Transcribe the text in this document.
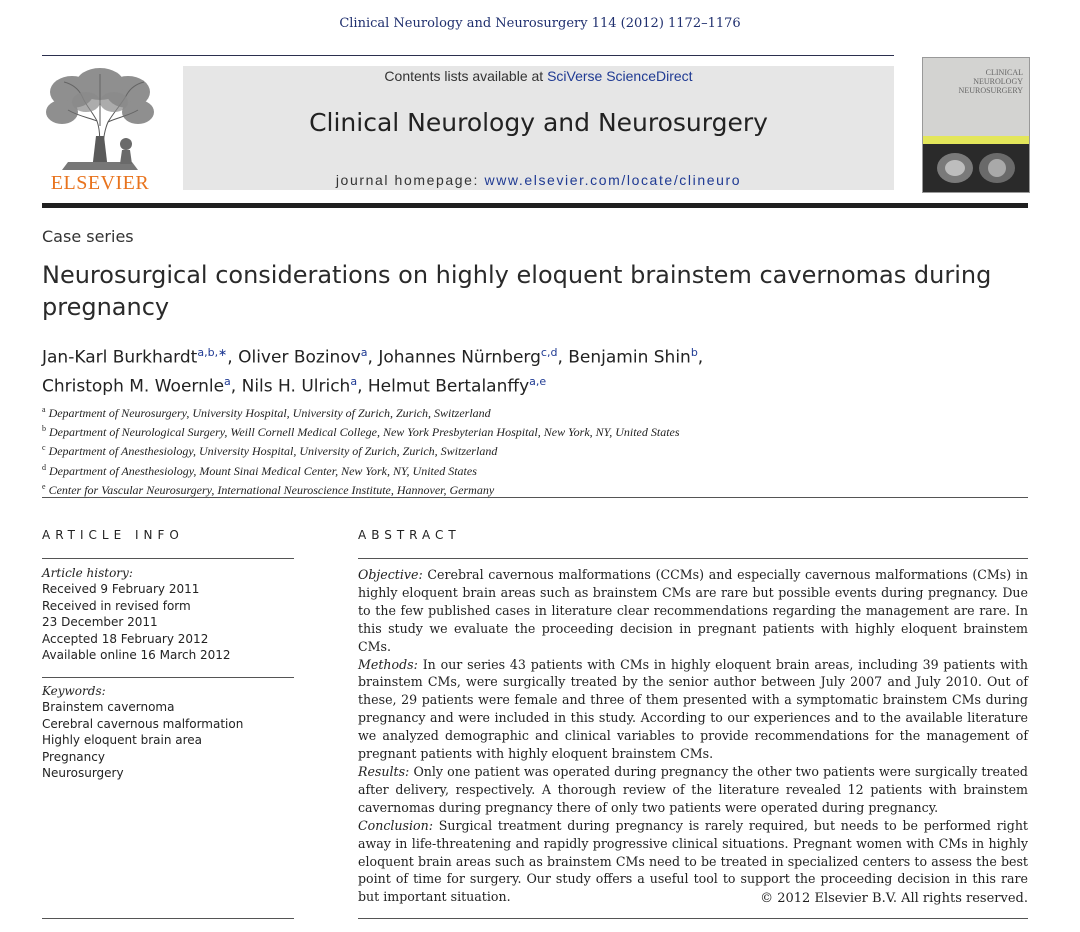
Clinical Neurology and Neurosurgery 114 (2012) 1172–1176
ELSEVIER
Contents lists available at SciVerse ScienceDirect
Clinical Neurology and Neurosurgery
journal homepage: www.elsevier.com/locate/clineuro
CLINICAL
NEUROLOGY
NEUROSURGERY
Case series
Neurosurgical considerations on highly eloquent brainstem cavernomas during pregnancy
Jan-Karl Burkhardt$^{a,b,∗}$, Oliver Bozinov$^a$, Johannes Nürnberg$^{c,d}$, Benjamin Shin$^b$,
Christoph M. Woernle$^a$, Nils H. Ulrich$^a$, Helmut Bertalanffy$^{a,e}$
$^a$ Department of Neurosurgery, University Hospital, University of Zurich, Zurich, Switzerland
$^b$ Department of Neurological Surgery, Weill Cornell Medical College, New York Presbyterian Hospital, New York, NY, United States
$^c$ Department of Anesthesiology, University Hospital, University of Zurich, Zurich, Switzerland
$^d$ Department of Anesthesiology, Mount Sinai Medical Center, New York, NY, United States
$^e$ Center for Vascular Neurosurgery, International Neuroscience Institute, Hannover, Germany
ARTICLE INFO
Article history:
Received 9 February 2011
Received in revised form
23 December 2011
Accepted 18 February 2012
Available online 16 March 2012
Keywords:
Brainstem cavernoma
Cerebral cavernous malformation
Highly eloquent brain area
Pregnancy
Neurosurgery
ABSTRACT
Objective: Cerebral cavernous malformations (CCMs) and especially cavernous malformations (CMs) in highly eloquent brain areas such as brainstem CMs are rare but possible events during pregnancy. Due to the few published cases in literature clear recommendations regarding the management are rare. In this study we evaluate the proceeding decision in pregnant patients with highly eloquent brainstem CMs.
Methods: In our series 43 patients with CMs in highly eloquent brain areas, including 39 patients with brainstem CMs, were surgically treated by the senior author between July 2007 and July 2010. Out of these, 29 patients were female and three of them presented with a symptomatic brainstem CMs during pregnancy and were included in this study. According to our experiences and to the available literature we analyzed demographic and clinical variables to provide recommendations for the management of pregnant patients with highly eloquent brainstem CMs.
Results: Only one patient was operated during pregnancy the other two patients were surgically treated after delivery, respectively. A thorough review of the literature revealed 12 patients with brainstem cavernomas during pregnancy there of only two patients were operated during pregnancy.
Conclusion: Surgical treatment during pregnancy is rarely required, but needs to be performed right away in life-threatening and rapidly progressive clinical situations. Pregnant women with CMs in highly eloquent brain areas such as brainstem CMs need to be treated in specialized centers to assess the best point of time for surgery. Our study offers a useful tool to support the proceeding decision in this rare but important situation.	© 2012 Elsevier B.V. All rights reserved.
